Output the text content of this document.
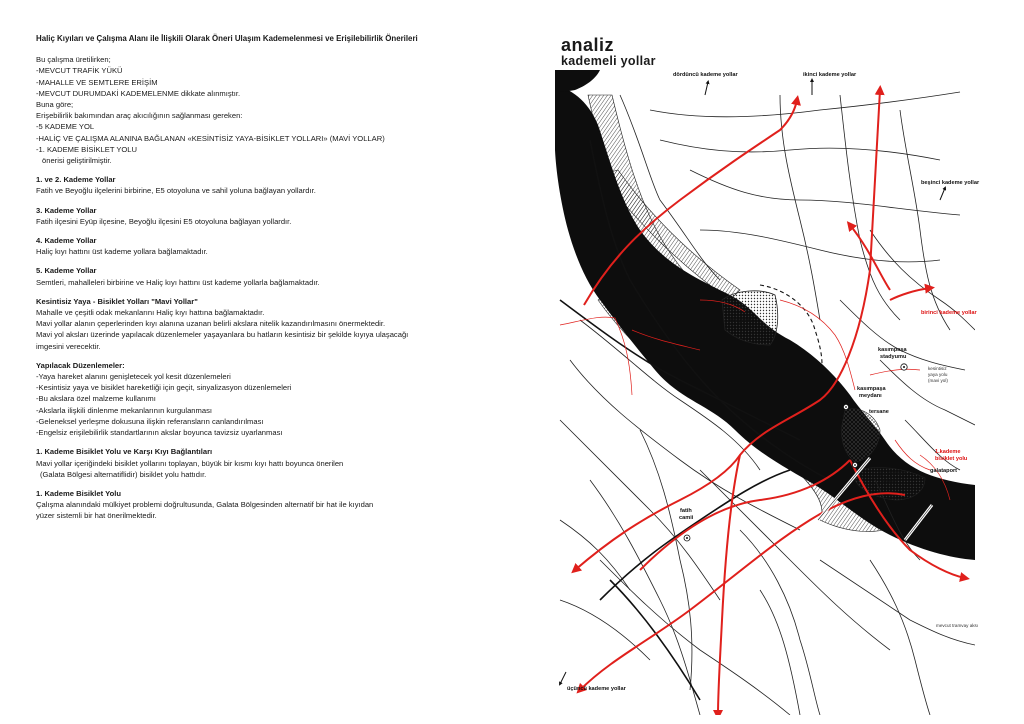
Haliç Kıyıları ve Çalışma Alanı ile İlişkili Olarak Öneri Ulaşım Kademelenmesi ve Erişilebilirlik Önerileri

Bu çalışma üretilirken;

-MEVCUT TRAFİK YÜKÜ

-MAHALLE VE SEMTLERE ERİŞİM

-MEVCUT DURUMDAKİ KADEMELENME dikkate alınmıştır.

Buna göre;

Erişebilirlik bakımından araç akıcılığının sağlanması gereken:

-5 KADEME YOL

-HALİÇ VE ÇALIŞMA ALANINA BAĞLANAN «KESİNTİSİZ YAYA-BİSİKLET YOLLARI» (MAVİ YOLLAR)

-1. KADEME BİSİKLET YOLU

önerisi geliştirilmiştir.

1. ve 2. Kademe Yollar

Fatih ve Beyoğlu ilçelerini birbirine, E5 otoyoluna ve sahil yoluna bağlayan yollardır.

3. Kademe Yollar

Fatih ilçesini Eyüp ilçesine, Beyoğlu ilçesini E5 otoyoluna bağlayan yollardır.

4. Kademe Yollar

Haliç kıyı hattını üst kademe yollara bağlamaktadır.

5. Kademe Yollar

Semtleri, mahalleleri birbirine ve Haliç kıyı hattını üst kademe yollarla bağlamaktadır.

Kesintisiz Yaya - Bisiklet Yolları "Mavi Yollar"

Mahalle ve çeşitli odak mekanlarını Haliç kıyı hattına bağlamaktadır.

Mavi yollar alanın çeperlerinden kıyı alanına uzanan belirli akslara nitelik kazandırılmasını önermektedir.

Mavi yol aksları üzerinde yapılacak düzenlemeler yaşayanlara bu hatların kesintisiz bir şekilde kıyıya ulaşacağı

imgesini verecektir.

Yapılacak Düzenlemeler:

-Yaya hareket alanını genişletecek yol kesit düzenlemeleri

-Kesintisiz yaya ve bisiklet hareketliği için geçit, sinyalizasyon düzenlemeleri

-Bu akslara özel malzeme kullanımı

-Akslarla ilişkili dinlenme mekanlarının kurgulanması

-Geleneksel yerleşme dokusuna ilişkin referansların canlandırılması

-Engelsiz erişilebilirlik standartlarının akslar boyunca tavizsiz uyarlanması

1. Kademe Bisiklet Yolu ve Karşı Kıyı Bağlantıları

Mavi yollar içeriğindeki bisiklet yollarını toplayan, büyük bir kısmı kıyı hattı boyunca önerilen

(Galata Bölgesi alternatiflidir) bisiklet yolu hattıdır.

1. Kademe Bisiklet Yolu

Çalışma alanındaki mülkiyet problemi doğrultusunda, Galata Bölgesinden alternatif bir hat ile kıyıdan

yüzer sistemli bir hat önerilmektedir.

analiz
kademeli yollar
dördüncü kademe yollar	ikinci kademe yollar
beşinci kademe yollar
birinci kademe yollar
üçüncü kademe yollar
haliçport
kasımpaşa
stadyumu
kesintisiz
yaya yolu
(mavi yol)
kasımpaşa
meydanı
tersane
1.kademe
bisiklet yolu
perşembe
pazarı
galataport
fatih
camii
mevcut tramvay aksı
